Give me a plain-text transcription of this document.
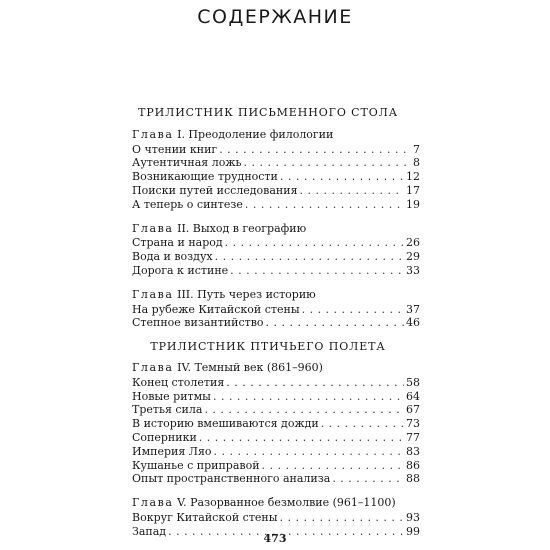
СОДЕРЖАНИЕ
ТРИЛИСТНИК ПИСЬМЕННОГО СТОЛА
Глава I. Преодоление филологии
О чтении книг . . .	7
Аутентичная ложь . . .	8
Возникающие трудности . . .	12
Поиски путей исследования . . .	17
А теперь о синтезе . . .	19
Глава II. Выход в географию
Страна и народ . . .	26
Вода и воздух . . .	29
Дорога к истине . . .	33
Глава III. Путь через историю
На рубеже Китайской стены . . .	37
Степное византийство . . .	46
ТРИЛИСТНИК ПТИЧЬЕГО ПОЛЕТА
Глава IV. Темный век (861–960)
Конец столетия . . .	58
Новые ритмы . . .	64
Третья сила . . .	67
В историю вмешиваются дожди . . .	73
Соперники . . .	77
Империя Ляо . . .	83
Кушанье с приправой . . .	86
Опыт пространственного анализа . . .	88
Глава V. Разорванное безмолвие (961–1100)
Вокруг Китайской стены . . .	93
Запад . . .	99
473
